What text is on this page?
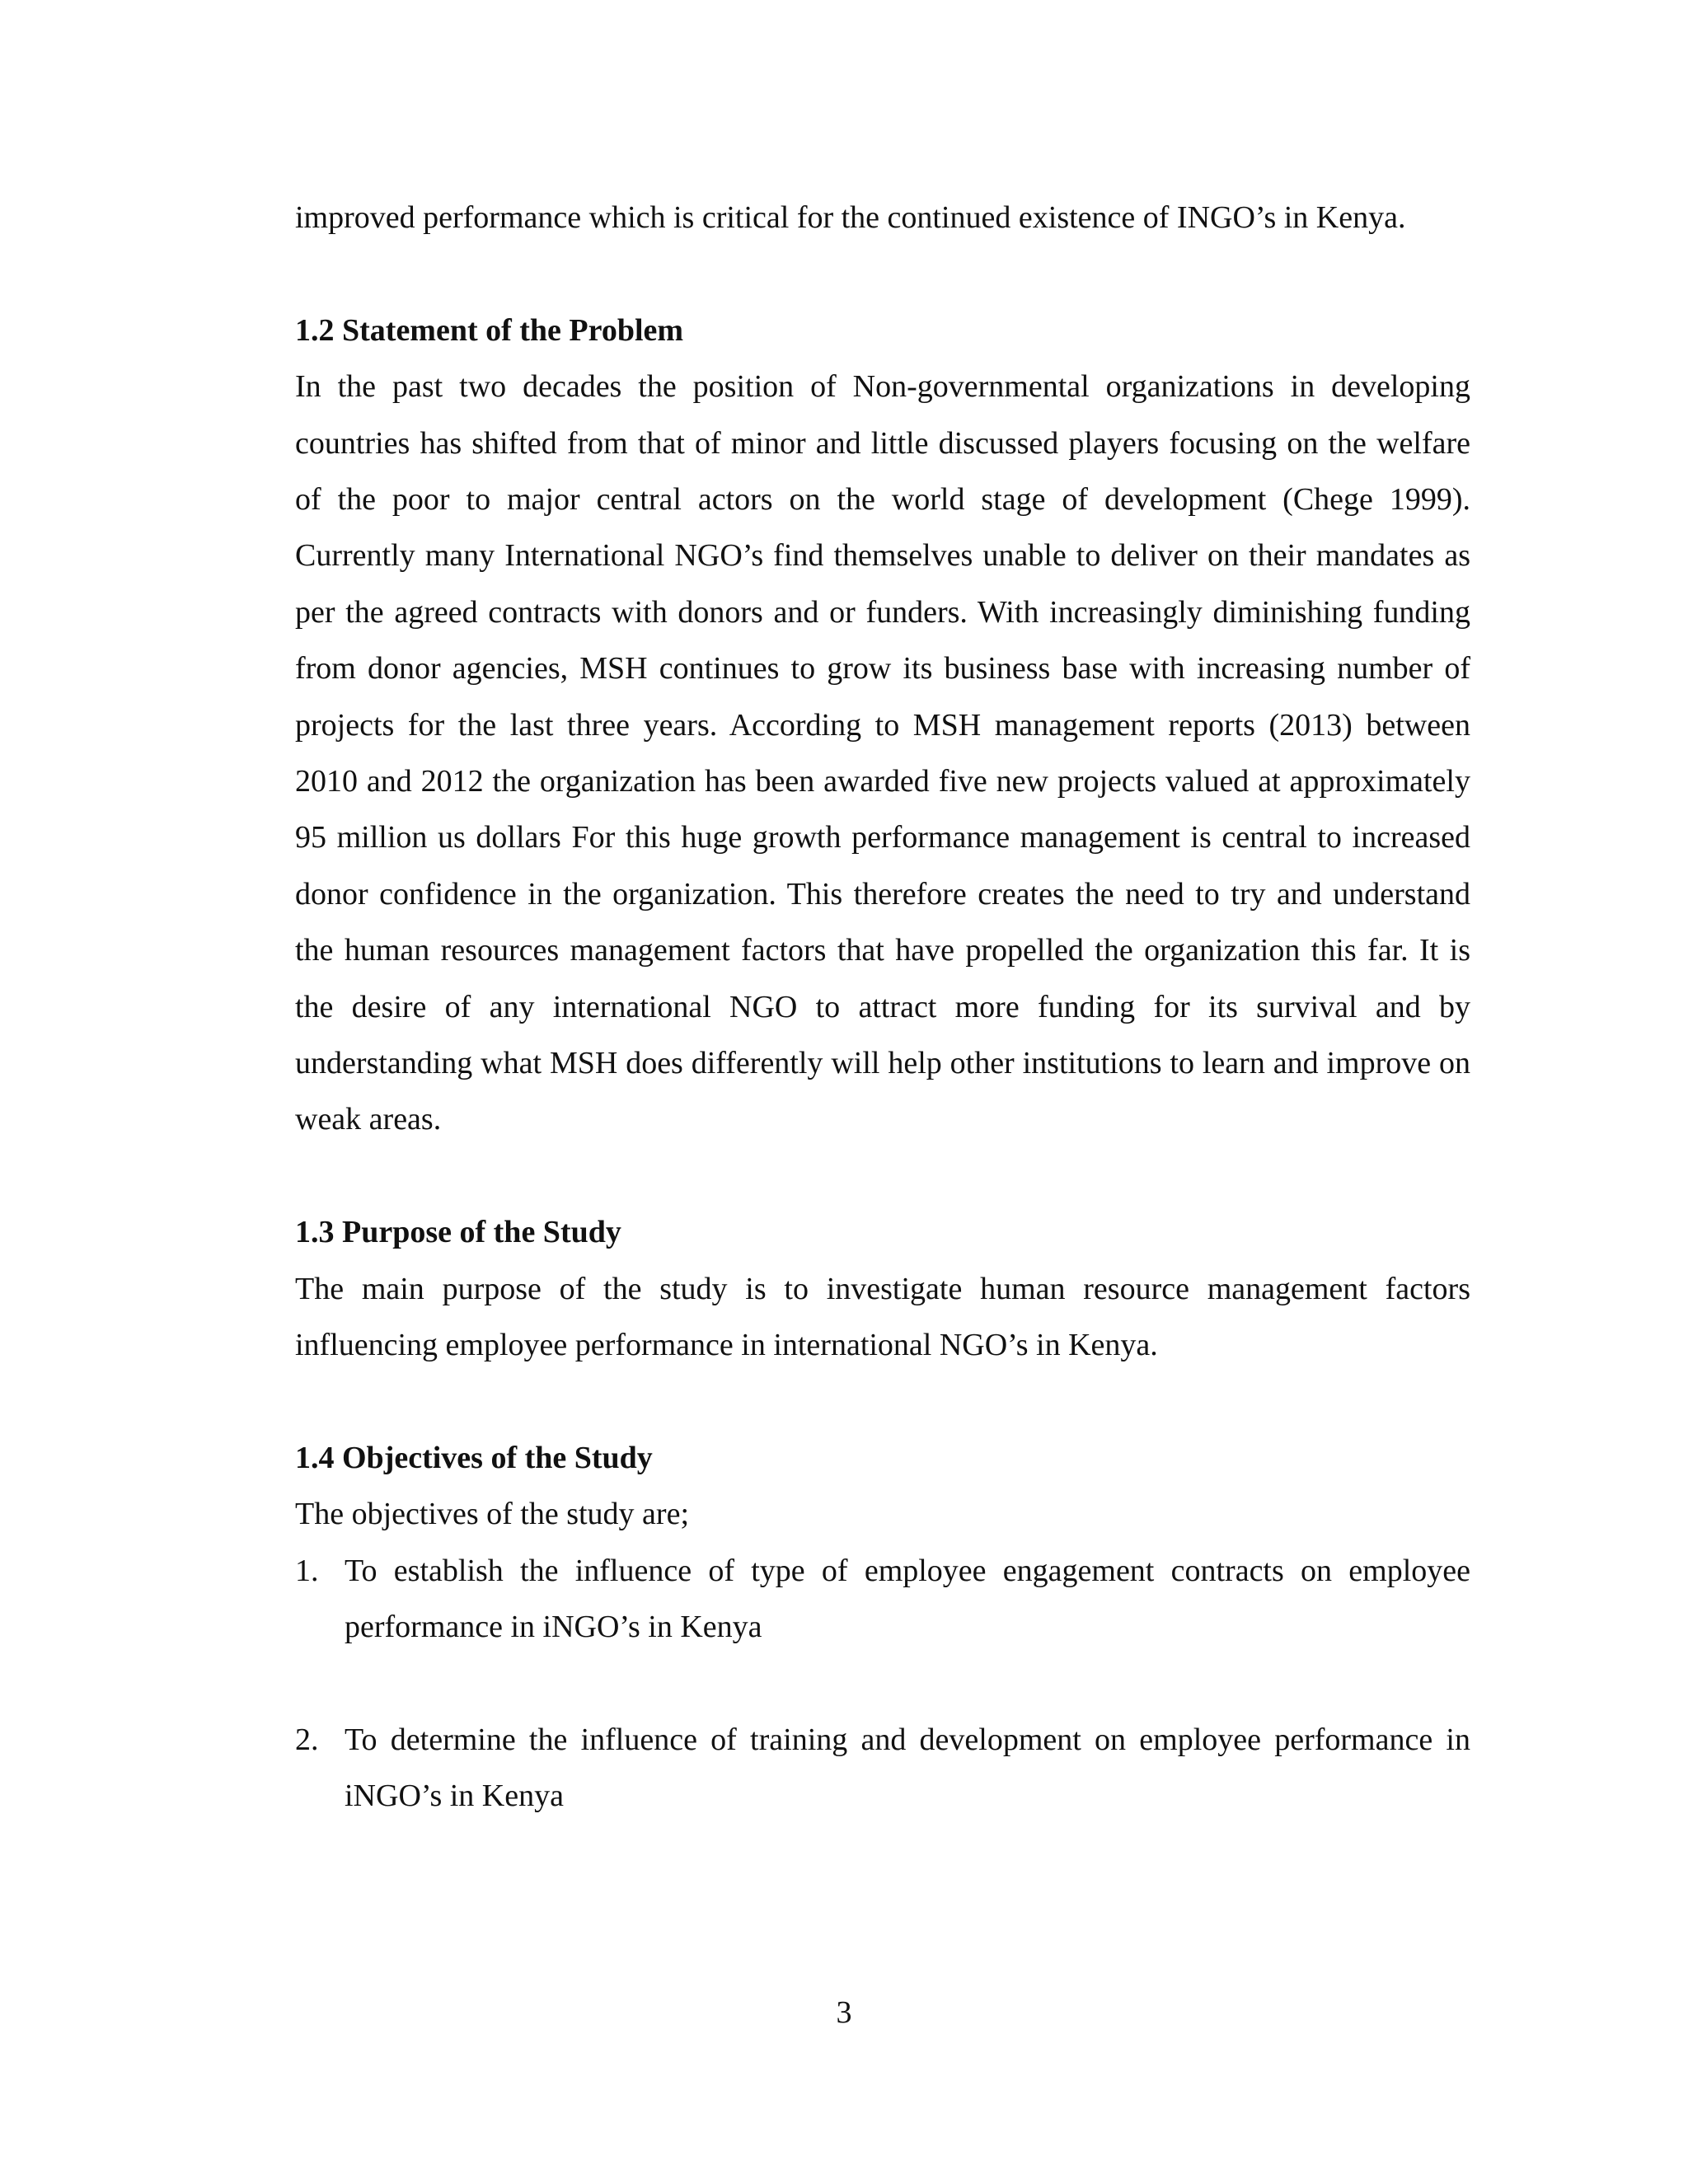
improved performance which is critical for the continued existence of INGO’s in Kenya.

1.2 Statement of the Problem

In the past two decades the position of Non-governmental organizations in developing countries has shifted from that of minor and little discussed players focusing on the welfare of the poor to major central actors on the world stage of development (Chege 1999). Currently many International NGO’s find themselves unable to deliver on their mandates as per the agreed contracts with donors and or funders. With increasingly diminishing funding from donor agencies, MSH continues to grow its business base with increasing number of projects for the last three years. According to MSH management reports (2013) between 2010 and 2012 the organization has been awarded five new projects valued at approximately 95 million us dollars For this huge growth performance management is central to increased donor confidence in the organization. This therefore creates the need to try and understand the human resources management factors that have propelled the organization this far. It is the desire of any international NGO to attract more funding for its survival and by understanding what MSH does differently will help other institutions to learn and improve on weak areas.

1.3 Purpose of the Study

The main purpose of the study is to investigate human resource management factors influencing employee performance in international NGO’s in Kenya.

1.4 Objectives of the Study

The objectives of the study are;

1. To establish the influence of type of employee engagement contracts on employee performance in iNGO’s in Kenya
2. To determine the influence of training and development on employee performance in iNGO’s in Kenya
3
